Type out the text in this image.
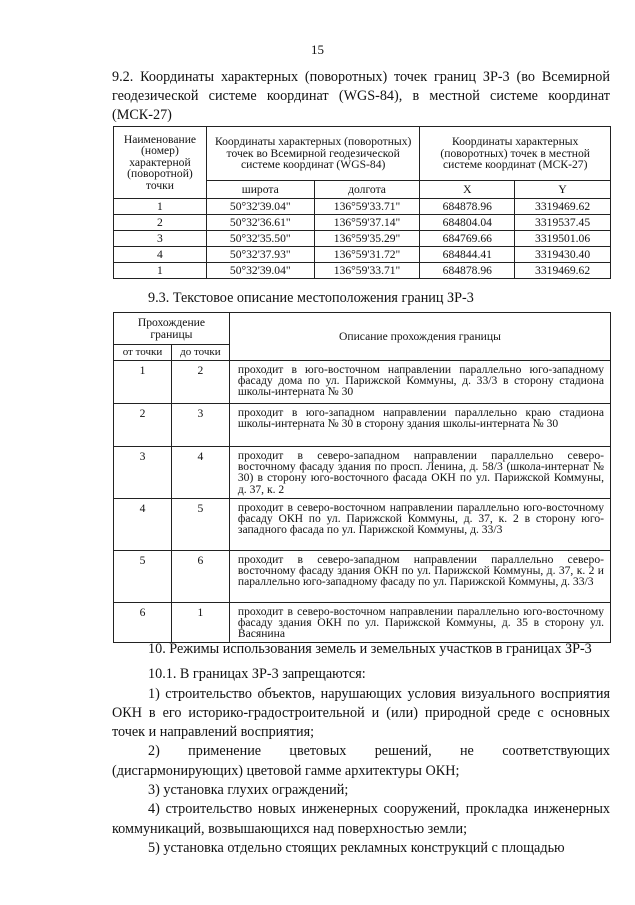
15

9.2. Координаты характерных (поворотных) точек границ ЗР-3 (во Всемирной геодезической системе координат (WGS-84), в местной системе координат (МСК-27)

Наименование (номер) характерной (поворотной) точки	Координаты характерных (поворотных) точек во Всемирной геодезической системе координат (WGS-84)		Координаты характерных (поворотных) точек в местной системе координат (МСК-27)	
	широта	долгота	X	Y
1	50°32'39.04"	136°59'33.71"	684878.96	3319469.62
2	50°32'36.61"	136°59'37.14"	684804.04	3319537.45
3	50°32'35.50"	136°59'35.29"	684769.66	3319501.06
4	50°32'37.93"	136°59'31.72"	684844.41	3319430.40
1	50°32'39.04"	136°59'33.71"	684878.96	3319469.62

9.3. Текстовое описание местоположения границ ЗР-3

Прохождение границы		Описание прохождения границы
от точки	до точки	
1	2	проходит в юго-восточном направлении параллельно юго-западному фасаду дома по ул. Парижской Коммуны, д. 33/3 в сторону стадиона школы-интерната № 30
2	3	проходит в юго-западном направлении параллельно краю стадиона школы-интерната № 30 в сторону здания школы-интерната № 30
3	4	проходит в северо-западном направлении параллельно северо-восточному фасаду здания по просп. Ленина, д. 58/3 (школа-интернат № 30) в сторону юго-восточного фасада ОКН по ул. Парижской Коммуны, д. 37, к. 2
4	5	проходит в северо-восточном направлении параллельно юго-восточному фасаду ОКН по ул. Парижской Коммуны, д. 37, к. 2 в сторону юго-западного фасада по ул. Парижской Коммуны, д. 33/3
5	6	проходит в северо-западном направлении параллельно северо-восточному фасаду здания ОКН по ул. Парижской Коммуны, д. 37, к. 2 и параллельно юго-западному фасаду по ул. Парижской Коммуны, д. 33/3
6	1	проходит в северо-восточном направлении параллельно юго-восточному фасаду здания ОКН по ул. Парижской Коммуны, д. 35 в сторону ул. Васянина

10. Режимы использования земель и земельных участков в границах ЗР-3

10.1. В границах ЗР-3 запрещаются:

1) строительство объектов, нарушающих условия визуального восприятия ОКН в его историко-градостроительной и (или) природной среде с основных точек и направлений восприятия;

2) применение цветовых решений, не соответствующих (дисгармонирующих) цветовой гамме архитектуры ОКН;

3) установка глухих ограждений;

4) строительство новых инженерных сооружений, прокладка инженерных коммуникаций, возвышающихся над поверхностью земли;

5) установка отдельно стоящих рекламных конструкций с площадью
